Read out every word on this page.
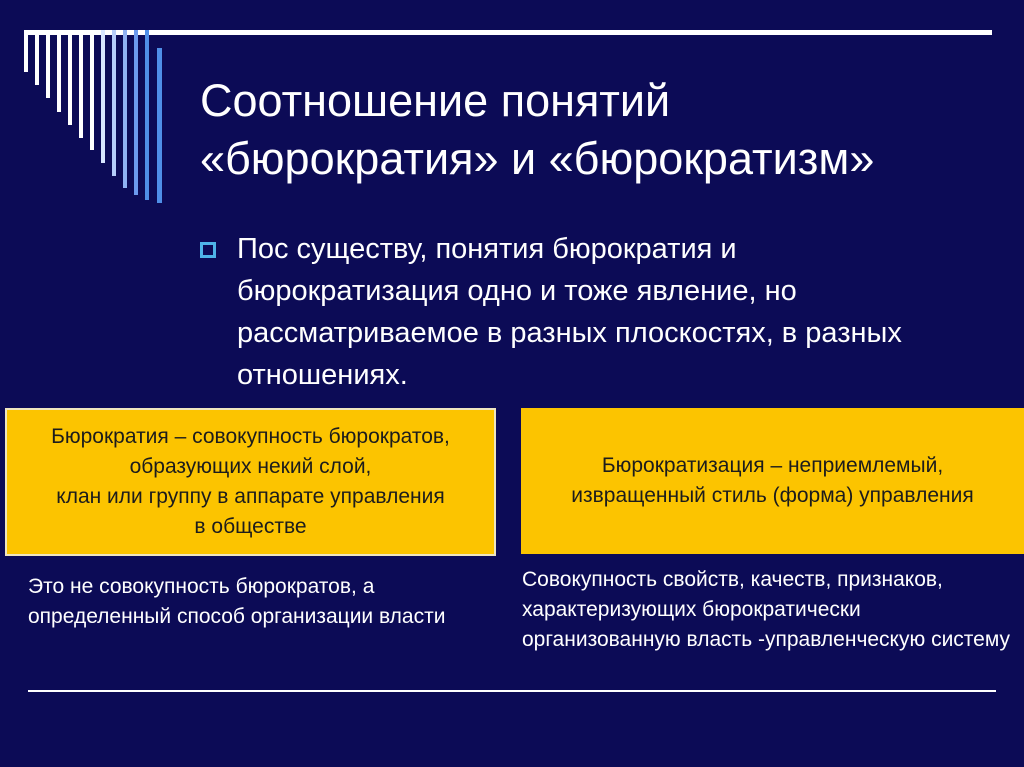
Соотношение понятий
«бюрократия» и «бюрократизм»
Пос существу, понятия бюрократия и бюрократизация одно и тоже явление, но рассматриваемое в разных плоскостях, в разных отношениях.
Бюрократия – совокупность бюрократов,
образующих некий слой,
клан или группу в аппарате управления
в обществе
Бюрократизация – неприемлемый,
извращенный стиль (форма) управления
Это не совокупность бюрократов, а определенный способ организации власти
Совокупность свойств, качеств, признаков, характеризующих бюрократически организованную власть -управленческую систему
